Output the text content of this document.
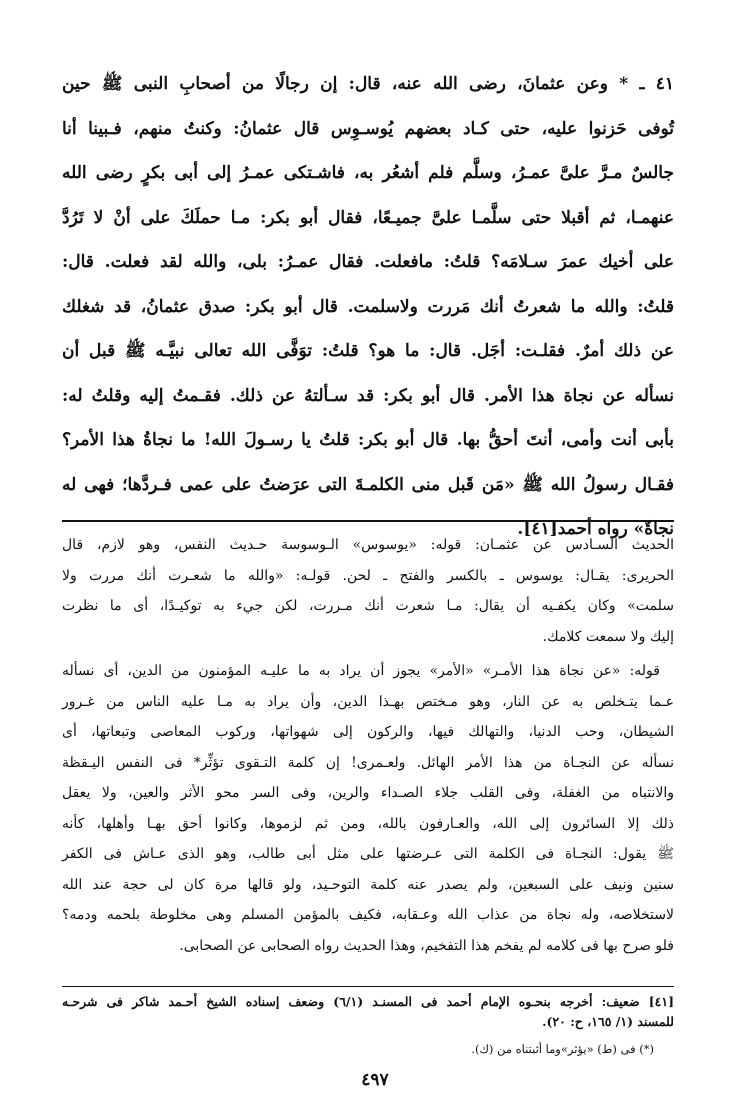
٤١ ـ * وعن عثمانَ، رضى الله عنه، قال: إن رجالًا من أصحابِ النبى ﷺ حين
تُوفى حَزنوا عليه، حتى كـاد بعضهم يُوسـوِس قال عثمانُ: وكنتُ منهم، فـبينا أنا
جالسٌ مـرَّ علىَّ عمـرُ، وسلَّم فلم أشعُر به، فاشـتكى عمـرُ إلى أبى بكرٍ رضى الله
عنهمـا، ثم أقبلا حتى سلَّمـا علىَّ جميـعًا، فقال أبو بكر: مـا حملَكَ على أنْ لا تَرُدَّ
على أخيك عمرَ سـلامَه؟ قلتُ: مافعلت. فقال عمـرُ: بلى، والله لقد فعلت. قال:
قلتُ: والله ما شعرتُ أنك مَررت ولاسلمت. قال أبو بكر: صدق عثمانُ، قد شغلك
عن ذلك أمرٌ. فقلـت: أجَل. قال: ما هو؟ قلتُ: توَفَّى الله تعالى نبيَّـه ﷺ قبل أن
نسأله عن نجاة هذا الأمر. قال أبو بكر: قد سـألتهُ عن ذلك. فقـمتُ إليه وقلتُ له:
بأبى أنت وأمى، أنتَ أحقُّ بها. قال أبو بكر: قلتُ يا رسـولَ الله! ما نجاةُ هذا الأمر؟
فقـال رسولُ الله ﷺ «مَن قَبل منى الكلمـةَ التى عرَضتُ على عمى فـردَّها؛ فهى له
نجاةٌ» رواه أحمد[٤١].
الحديث السـادس عن عثمـان: قوله: «يوسوس» الـوسوسة حـديث النفس، وهو لازم، قال
الحريرى: يقـال: يوسوس ـ بالكسر والفتح ـ لحن. قولـه: «والله ما شعـرت أنك مررت ولا
سلمت» وكان يكفـيه أن يقال: مـا شعرت أنك مـررت، لكن جيء به توكيـدًا، أى ما نظرت
إليك ولا سمعت كلامك.
قوله: «عن نجاة هذا الأمـر» «الأمر» يجوز أن يراد به ما عليـه المؤمنون من الدين، أى نسأله
عـما يتـخلص به عن النار، وهو مـختص بهـذا الدين، وأن يراد به مـا عليه الناس من غـرور
الشيطان، وحب الدنيا، والتهالك فيها، والركون إلى شهواتها، وركوب المعاصى وتبعاتها، أى
نسأله عن النجـاة من هذا الأمر الهائل. ولعـمرى! إن كلمة التـقوى تؤثِّر* فى النفس اليـقظة
والانتباه من الغفلة، وفى القلب جلاء الصـداء والرين، وفى السر محو الأثر والعين، ولا يعقل
ذلك إلا السائرون إلى الله، والعـارفون بالله، ومن ثم لزموها، وكانوا أحق بهـا وأهلها، كأنه
ﷺ يقول: النجـاة فى الكلمة التى عـرضتها على مثل أبى طالب، وهو الذى عـاش فى الكفر
سنين ونيف على السبعين، ولم يصدر عنه كلمة التوحـيد، ولو قالها مرة كان لى حجة عند الله
لاستخلاصه، وله نجاة من عذاب الله وعـقابه، فكيف بالمؤمن المسلم وهى مخلوطة بلحمه ودمه؟
فلو صرح بها فى كلامه لم يفخم هذا التفخيم، وهذا الحديث رواه الصحابى عن الصحابى.
[٤١] ضعيف: أخرجه بنحـوه الإمام أحمد فى المسنـد (٦/١) وضعف إسناده الشيخ أحـمد شاكر فى شرحـه
للمسند (١/ ١٦٥، ح: ٢٠).
(*) فى (ط) «يؤثر»وما أثبتناه من (ك).
٤٩٧
